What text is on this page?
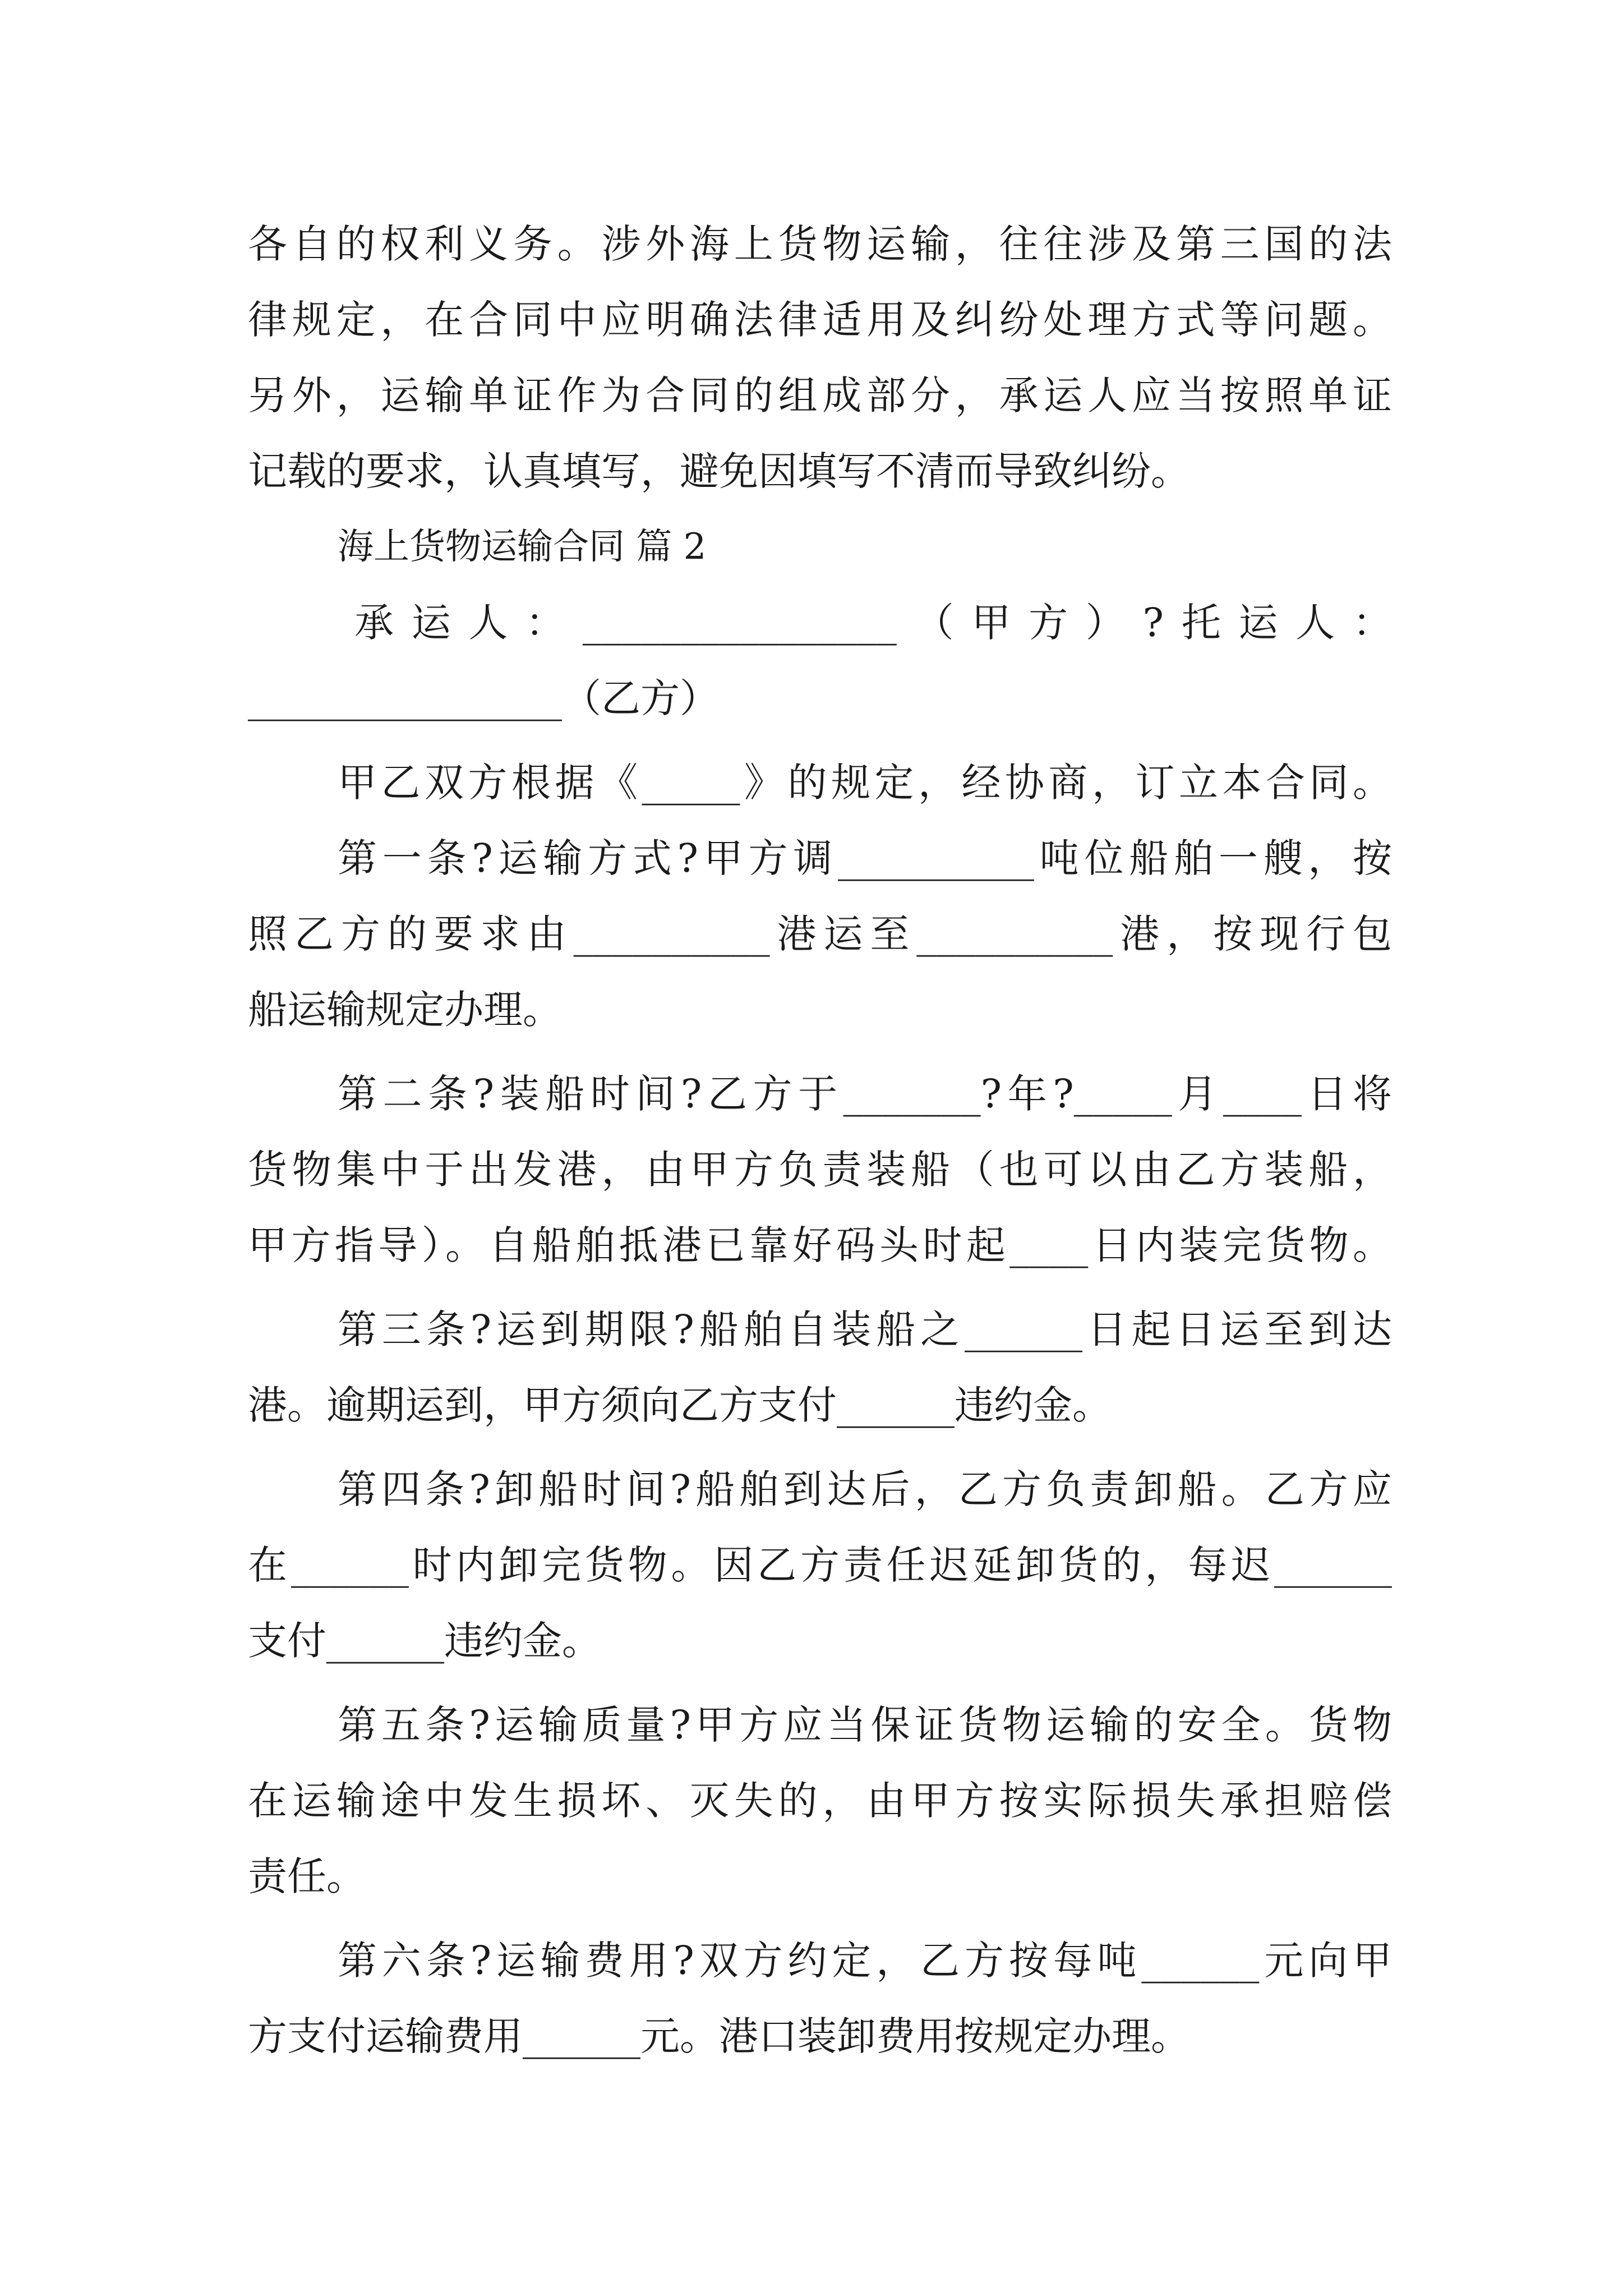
各自的权利义务。涉外海上货物运输，往往涉及第三国的法
律规定，在合同中应明确法律适用及纠纷处理方式等问题。
另外，运输单证作为合同的组成部分，承运人应当按照单证
记载的要求，认真填写，避免因填写不清而导致纠纷。
海上货物运输合同 篇 2
承运人：________________（甲方）?托运人：
________________（乙方）
甲乙双方根据《_____》的规定，经协商，订立本合同。
第一条?运输方式?甲方调__________吨位船舶一艘，按
照乙方的要求由__________港运至__________港，按现行包
船运输规定办理。
第二条?装船时间?乙方于_______?年?_____月____日将
货物集中于出发港，由甲方负责装船（也可以由乙方装船，
甲方指导）。自船舶抵港已靠好码头时起____日内装完货物。
第三条?运到期限?船舶自装船之______日起日运至到达
港。逾期运到，甲方须向乙方支付______违约金。
第四条?卸船时间?船舶到达后，乙方负责卸船。乙方应
在______时内卸完货物。因乙方责任迟延卸货的，每迟______
支付______违约金。
第五条?运输质量?甲方应当保证货物运输的安全。货物
在运输途中发生损坏、灭失的，由甲方按实际损失承担赔偿
责任。
第六条?运输费用?双方约定，乙方按每吨______元向甲
方支付运输费用______元。港口装卸费用按规定办理。
